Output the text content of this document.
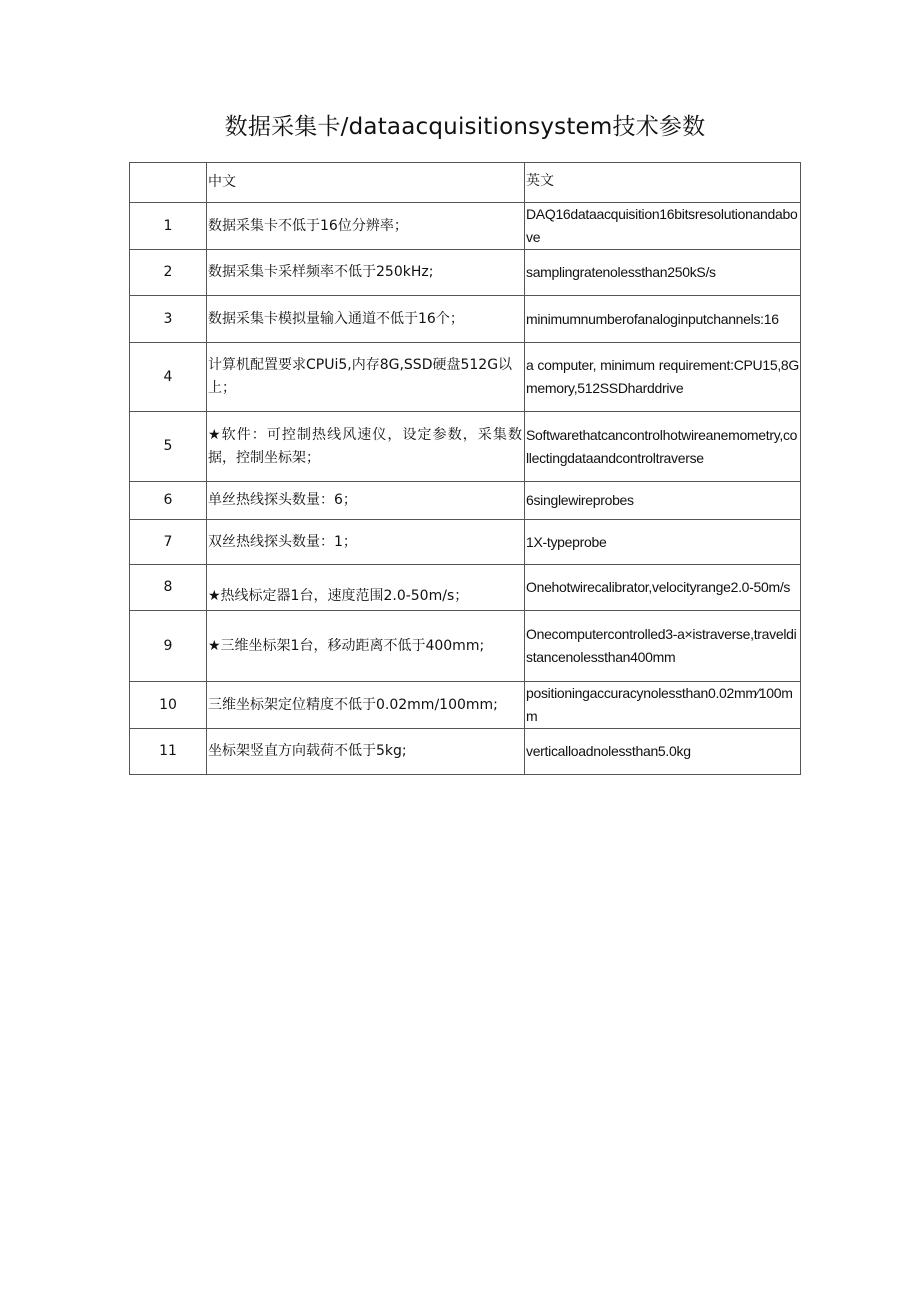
数据采集卡/dataacquisitionsystem技术参数
	中文	英文
1	数据采集卡不低于16位分辨率；	DAQ16dataacquisition16bitsresolutionandabove
2	数据采集卡采样频率不低于250kHz;	samplingratenolessthan250kS/s
3	数据采集卡模拟量输入通道不低于16个；	minimumnumberofanaloginputchannels:16
4	计算机配置要求CPUi5,内存8G,SSD硬盘512G以上；	a computer, minimum requirement:CPU15,8Gmemory,512SSDharddrive
5	★软件：可控制热线风速仪，设定参数，采集数据，控制坐标架；	Softwarethatcancontrolhotwireanemometry,collectingdataandcontroltraverse
6	单丝热线探头数量：6；	6singlewireprobes
7	双丝热线探头数量：1；	1X-typeprobe
8	★热线标定器1台，速度范围2.0-50m/s；	Onehotwirecalibrator,velocityrange2.0-50m/s
9	★三维坐标架1台，移动距离不低于400mm;	Onecomputercontrolled3-a×istraverse,traveldistancenolessthan400mm
10	三维坐标架定位精度不低于0.02mm∕100mm;	positioningaccuracynolessthan0.02mm∕100mm
11	坐标架竖直方向载荷不低于5kg;	verticalloadnolessthan5.0kg
